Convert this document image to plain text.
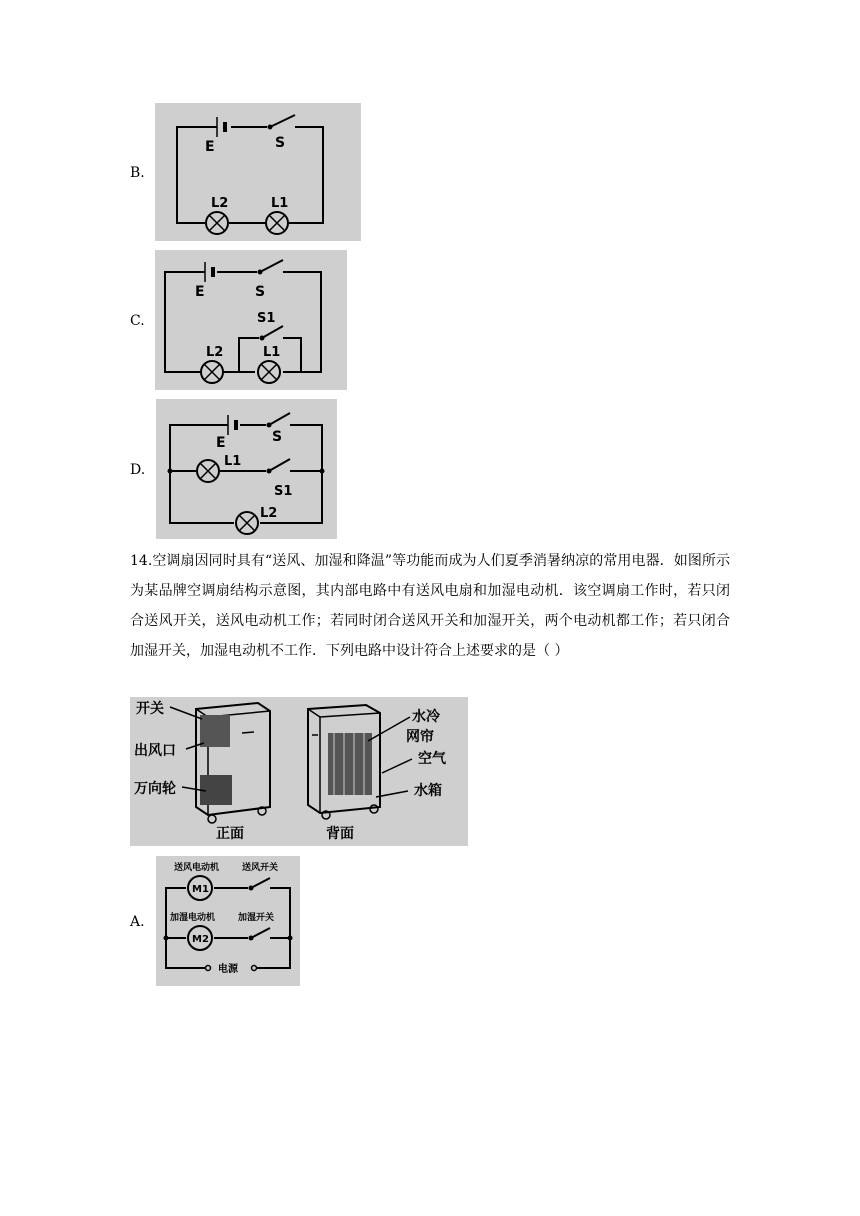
B.
E	S
L2	L1
C.
E	S
S1
L2	L1
D.
E	S
L1
S1
L2
14.空调扇因同时具有“送风、加湿和降温”等功能而成为人们夏季消暑纳凉的常用电器．如图所示为某品牌空调扇结构示意图，其内部电路中有送风电扇和加湿电动机．该空调扇工作时，若只闭合送风开关，送风电动机工作；若同时闭合送风开关和加湿开关，两个电动机都工作；若只闭合加湿开关，加湿电动机不工作．下列电路中设计符合上述要求的是（ ）
开关
出风口
万向轮
水冷
网帘
空气
水箱
正面	背面
A.
送风电动机	送风开关
M1
加湿电动机	加湿开关
M2
电源
